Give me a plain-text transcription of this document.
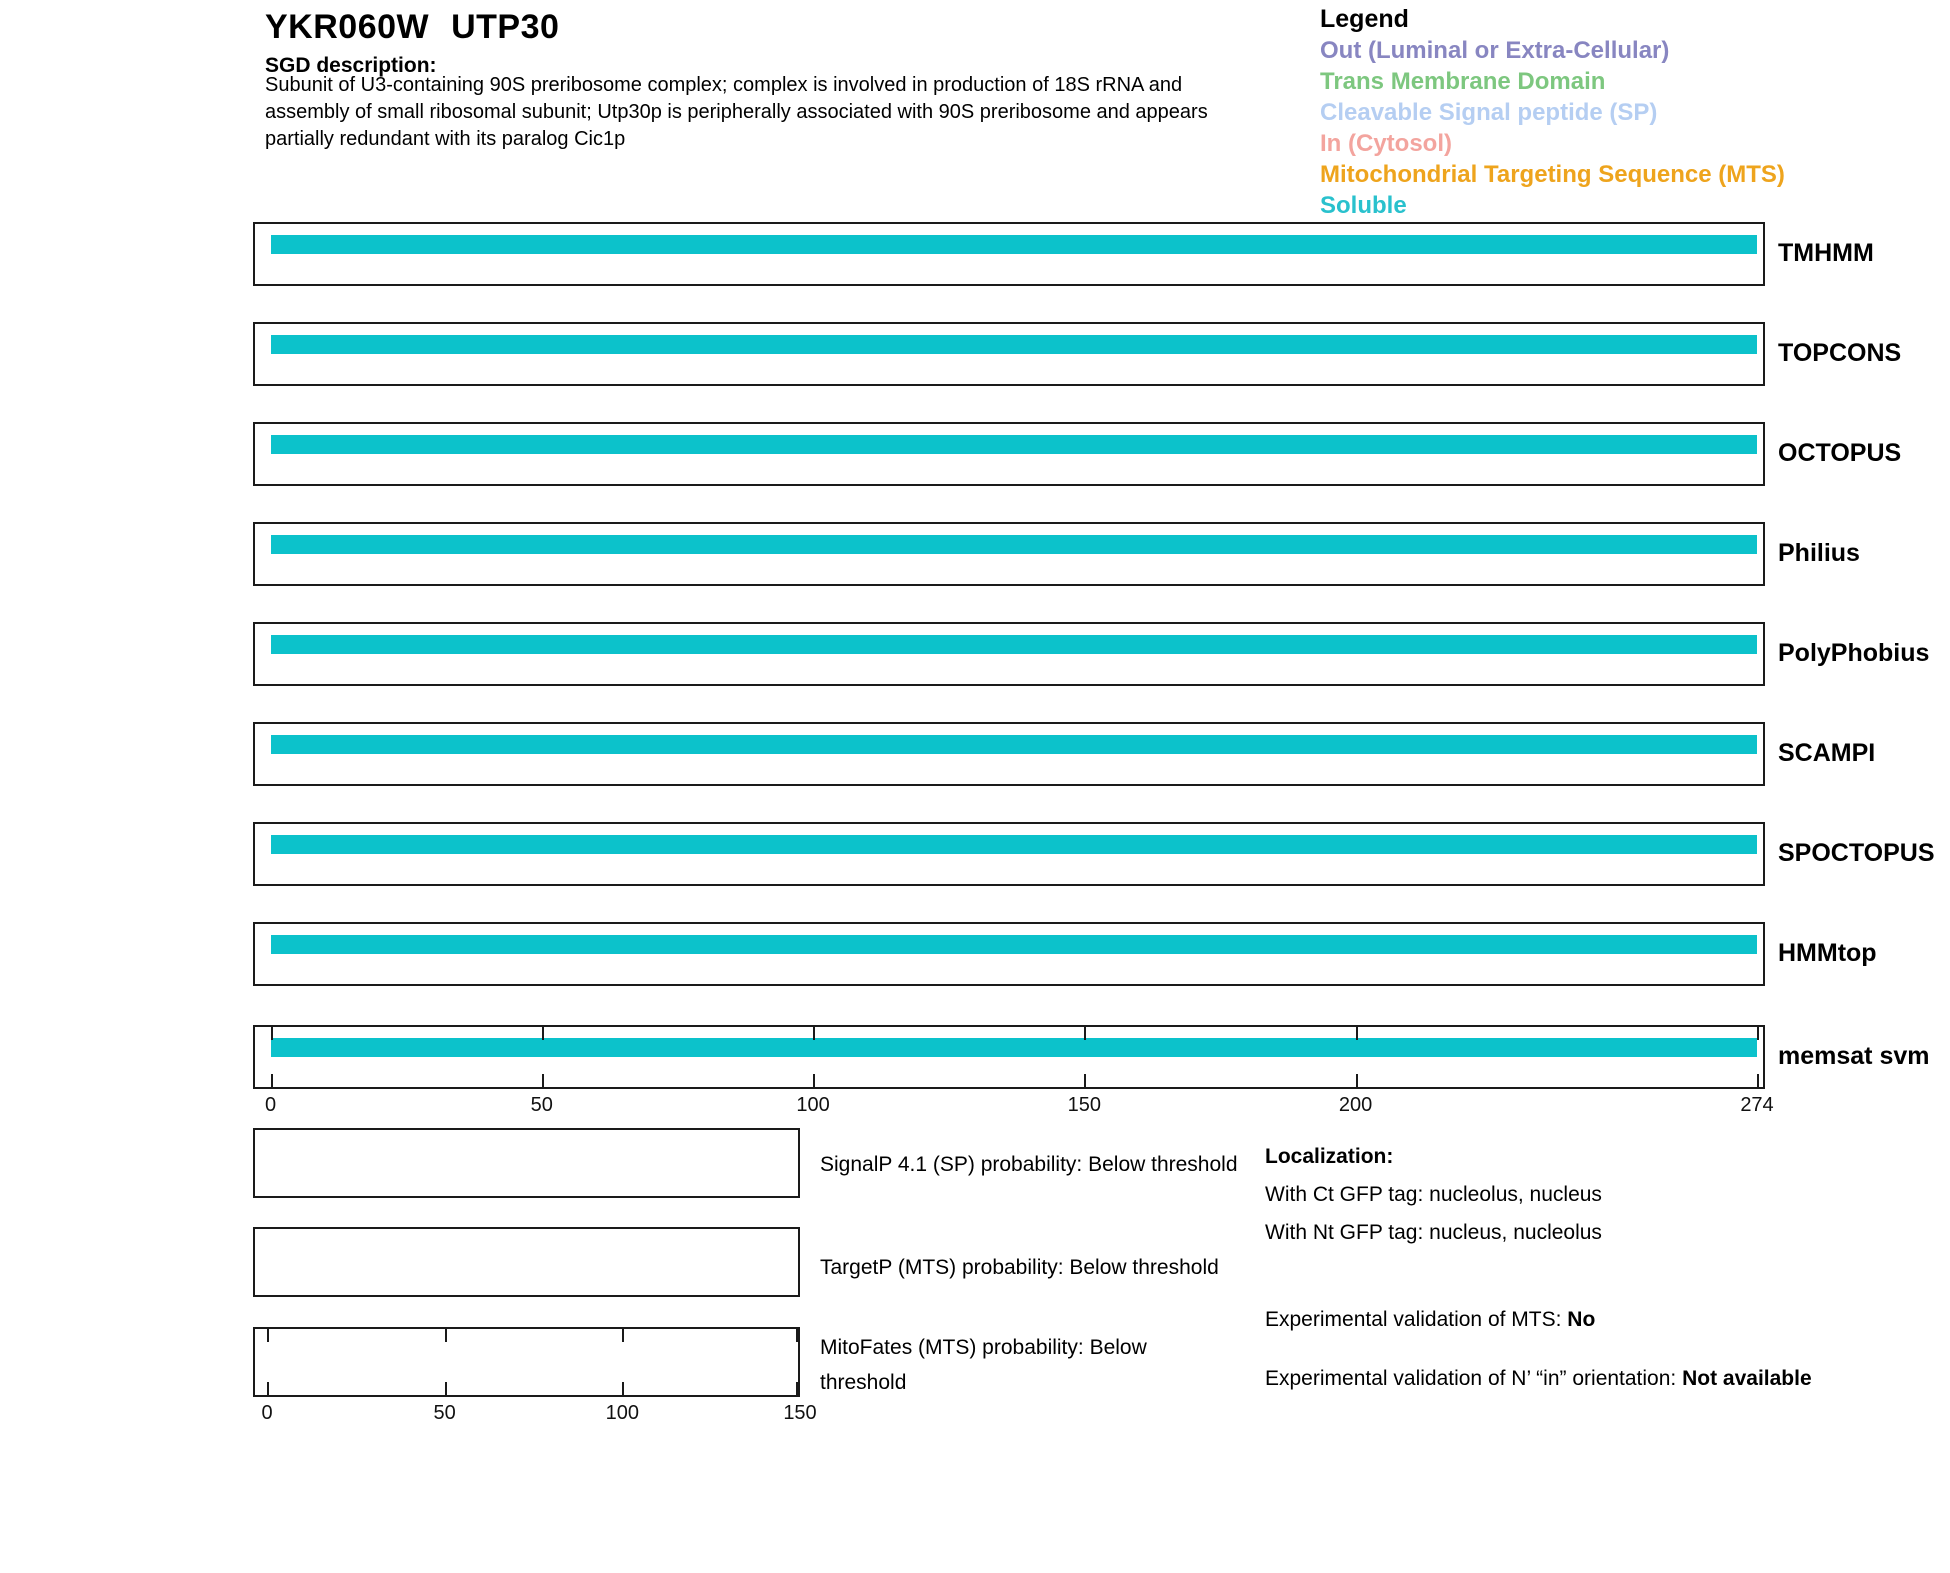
YKR060W UTP30
SGD description:
Subunit of U3-containing 90S preribosome complex; complex is involved in production of 18S rRNA and
assembly of small ribosomal subunit; Utp30p is peripherally associated with 90S preribosome and appears
partially redundant with its paralog Cic1p
Legend
Out (Luminal or Extra-Cellular)
Trans Membrane Domain
Cleavable Signal peptide (SP)
In (Cytosol)
Mitochondrial Targeting Sequence (MTS)
Soluble
TMHMM
TOPCONS
OCTOPUS
Philius
PolyPhobius
SCAMPI
SPOCTOPUS
HMMtop
memsat svm
0	50	100	150	200	274
SignalP 4.1 (SP) probability: Below threshold
TargetP (MTS) probability: Below threshold
MitoFates (MTS) probability: Below threshold
0	50	100	150
Localization:
With Ct GFP tag: nucleolus, nucleus
With Nt GFP tag: nucleus, nucleolus
Experimental validation of MTS: No
Experimental validation of N’ “in” orientation: Not available
